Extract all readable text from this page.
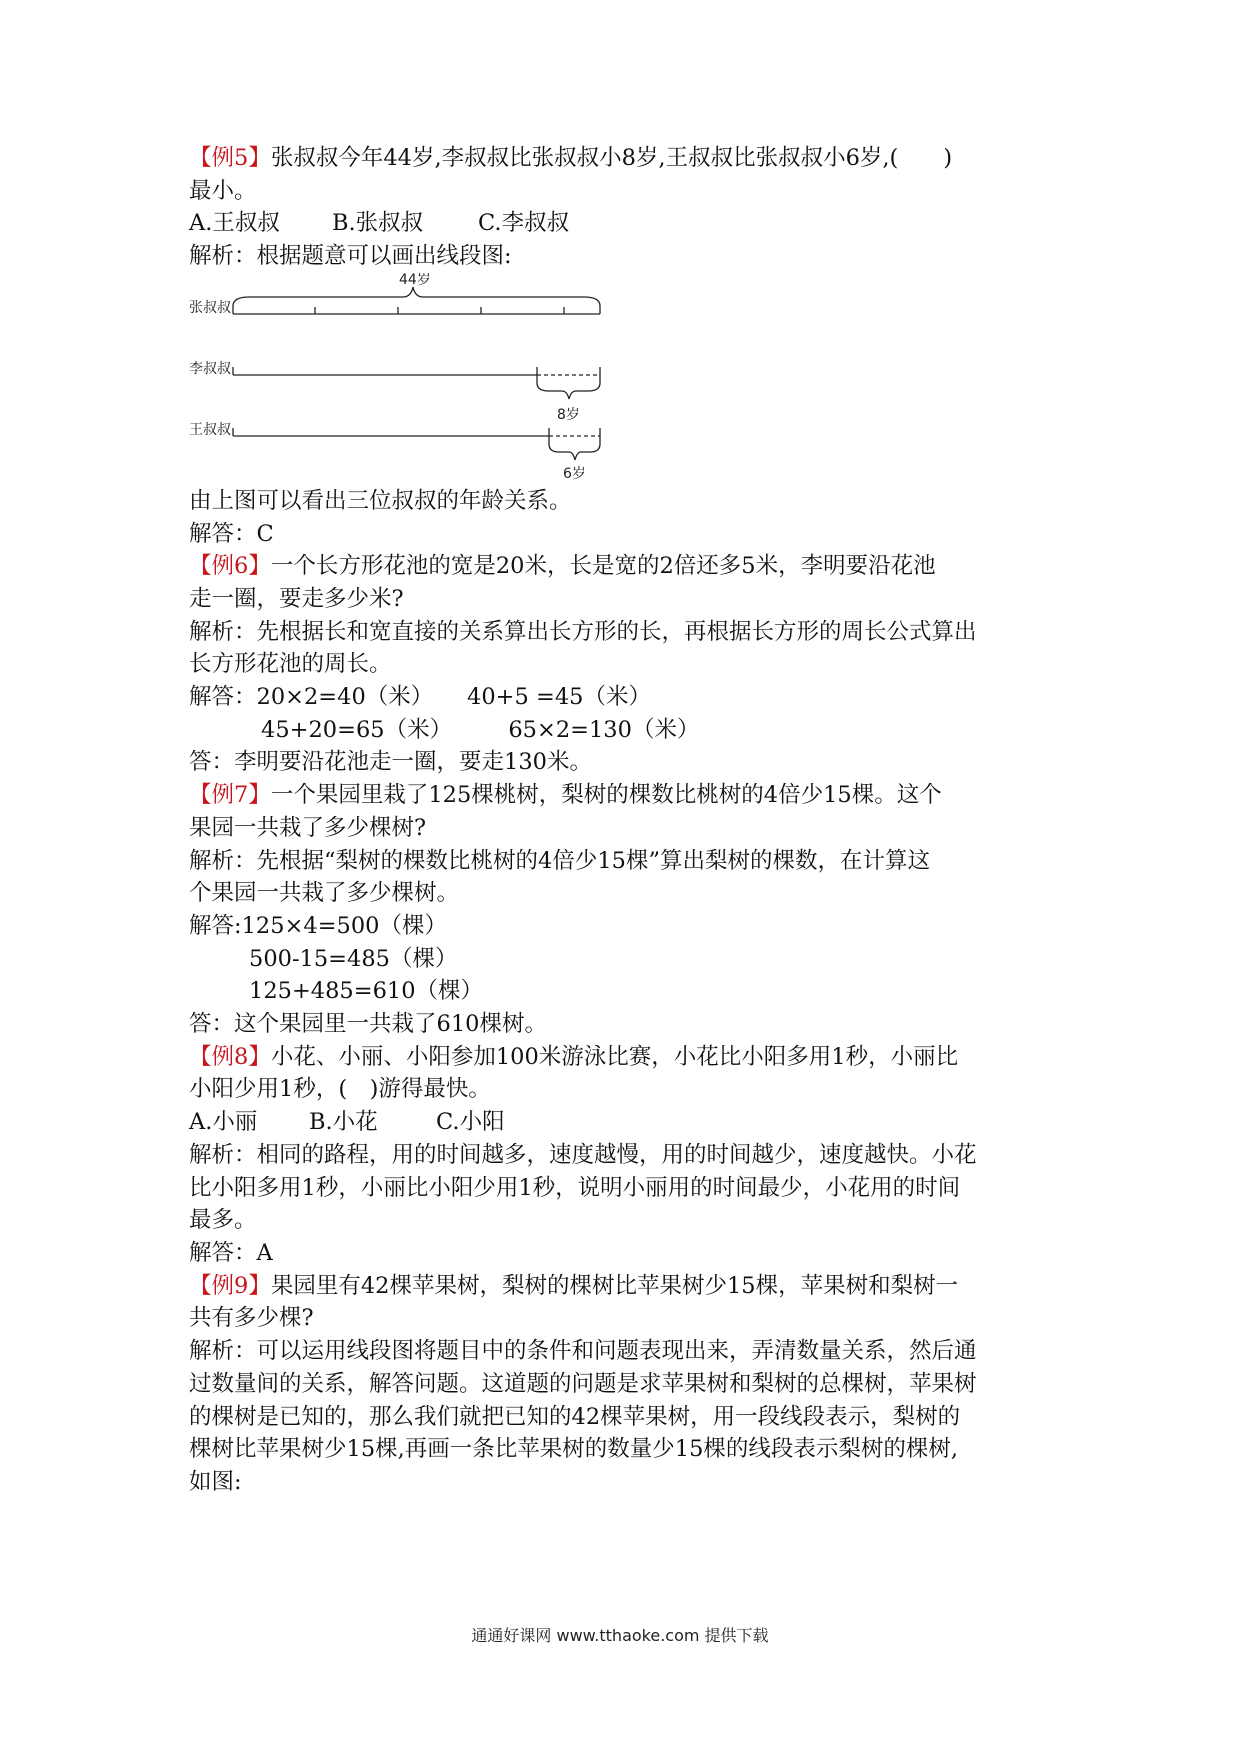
【例5】张叔叔今年44岁,李叔叔比张叔叔小8岁,王叔叔比张叔叔小6岁,(　　)

最小。

A.王叔叔 B.张叔叔 C.李叔叔

解析：根据题意可以画出线段图:

张叔叔
李叔叔
王叔叔
44岁
8岁
6岁

由上图可以看出三位叔叔的年龄关系。

解答：C

【例6】一个长方形花池的宽是20米，长是宽的2倍还多5米，李明要沿花池

走一圈，要走多少米?

解析：先根据长和宽直接的关系算出长方形的长，再根据长方形的周长公式算出

长方形花池的周长。

解答：20×2=40（米）　　40+5 =45（米）

45+20=65（米）　　　65×2=130（米）

答：李明要沿花池走一圈，要走130米。

【例7】一个果园里栽了125棵桃树，梨树的棵数比桃树的4倍少15棵。这个

果园一共栽了多少棵树?

解析：先根据“梨树的棵数比桃树的4倍少15棵”算出梨树的棵数，在计算这

个果园一共栽了多少棵树。

解答:125×4=500（棵）

500-15=485（棵）

125+485=610（棵）

答：这个果园里一共栽了610棵树。

【例8】小花、小丽、小阳参加100米游泳比赛，小花比小阳多用1秒，小丽比

小阳少用1秒，(　)游得最快。

A.小丽 B.小花	C.小阳

解析：相同的路程，用的时间越多，速度越慢，用的时间越少，速度越快。小花

比小阳多用1秒，小丽比小阳少用1秒，说明小丽用的时间最少，小花用的时间

最多。

解答：A

【例9】果园里有42棵苹果树，梨树的棵树比苹果树少15棵，苹果树和梨树一

共有多少棵?

解析：可以运用线段图将题目中的条件和问题表现出来，弄清数量关系，然后通

过数量间的关系，解答问题。这道题的问题是求苹果树和梨树的总棵树，苹果树

的棵树是已知的，那么我们就把已知的42棵苹果树，用一段线段表示，梨树的

棵树比苹果树少15棵,再画一条比苹果树的数量少15棵的线段表示梨树的棵树,

如图:

通通好课网 www.tthaoke.com 提供下载
